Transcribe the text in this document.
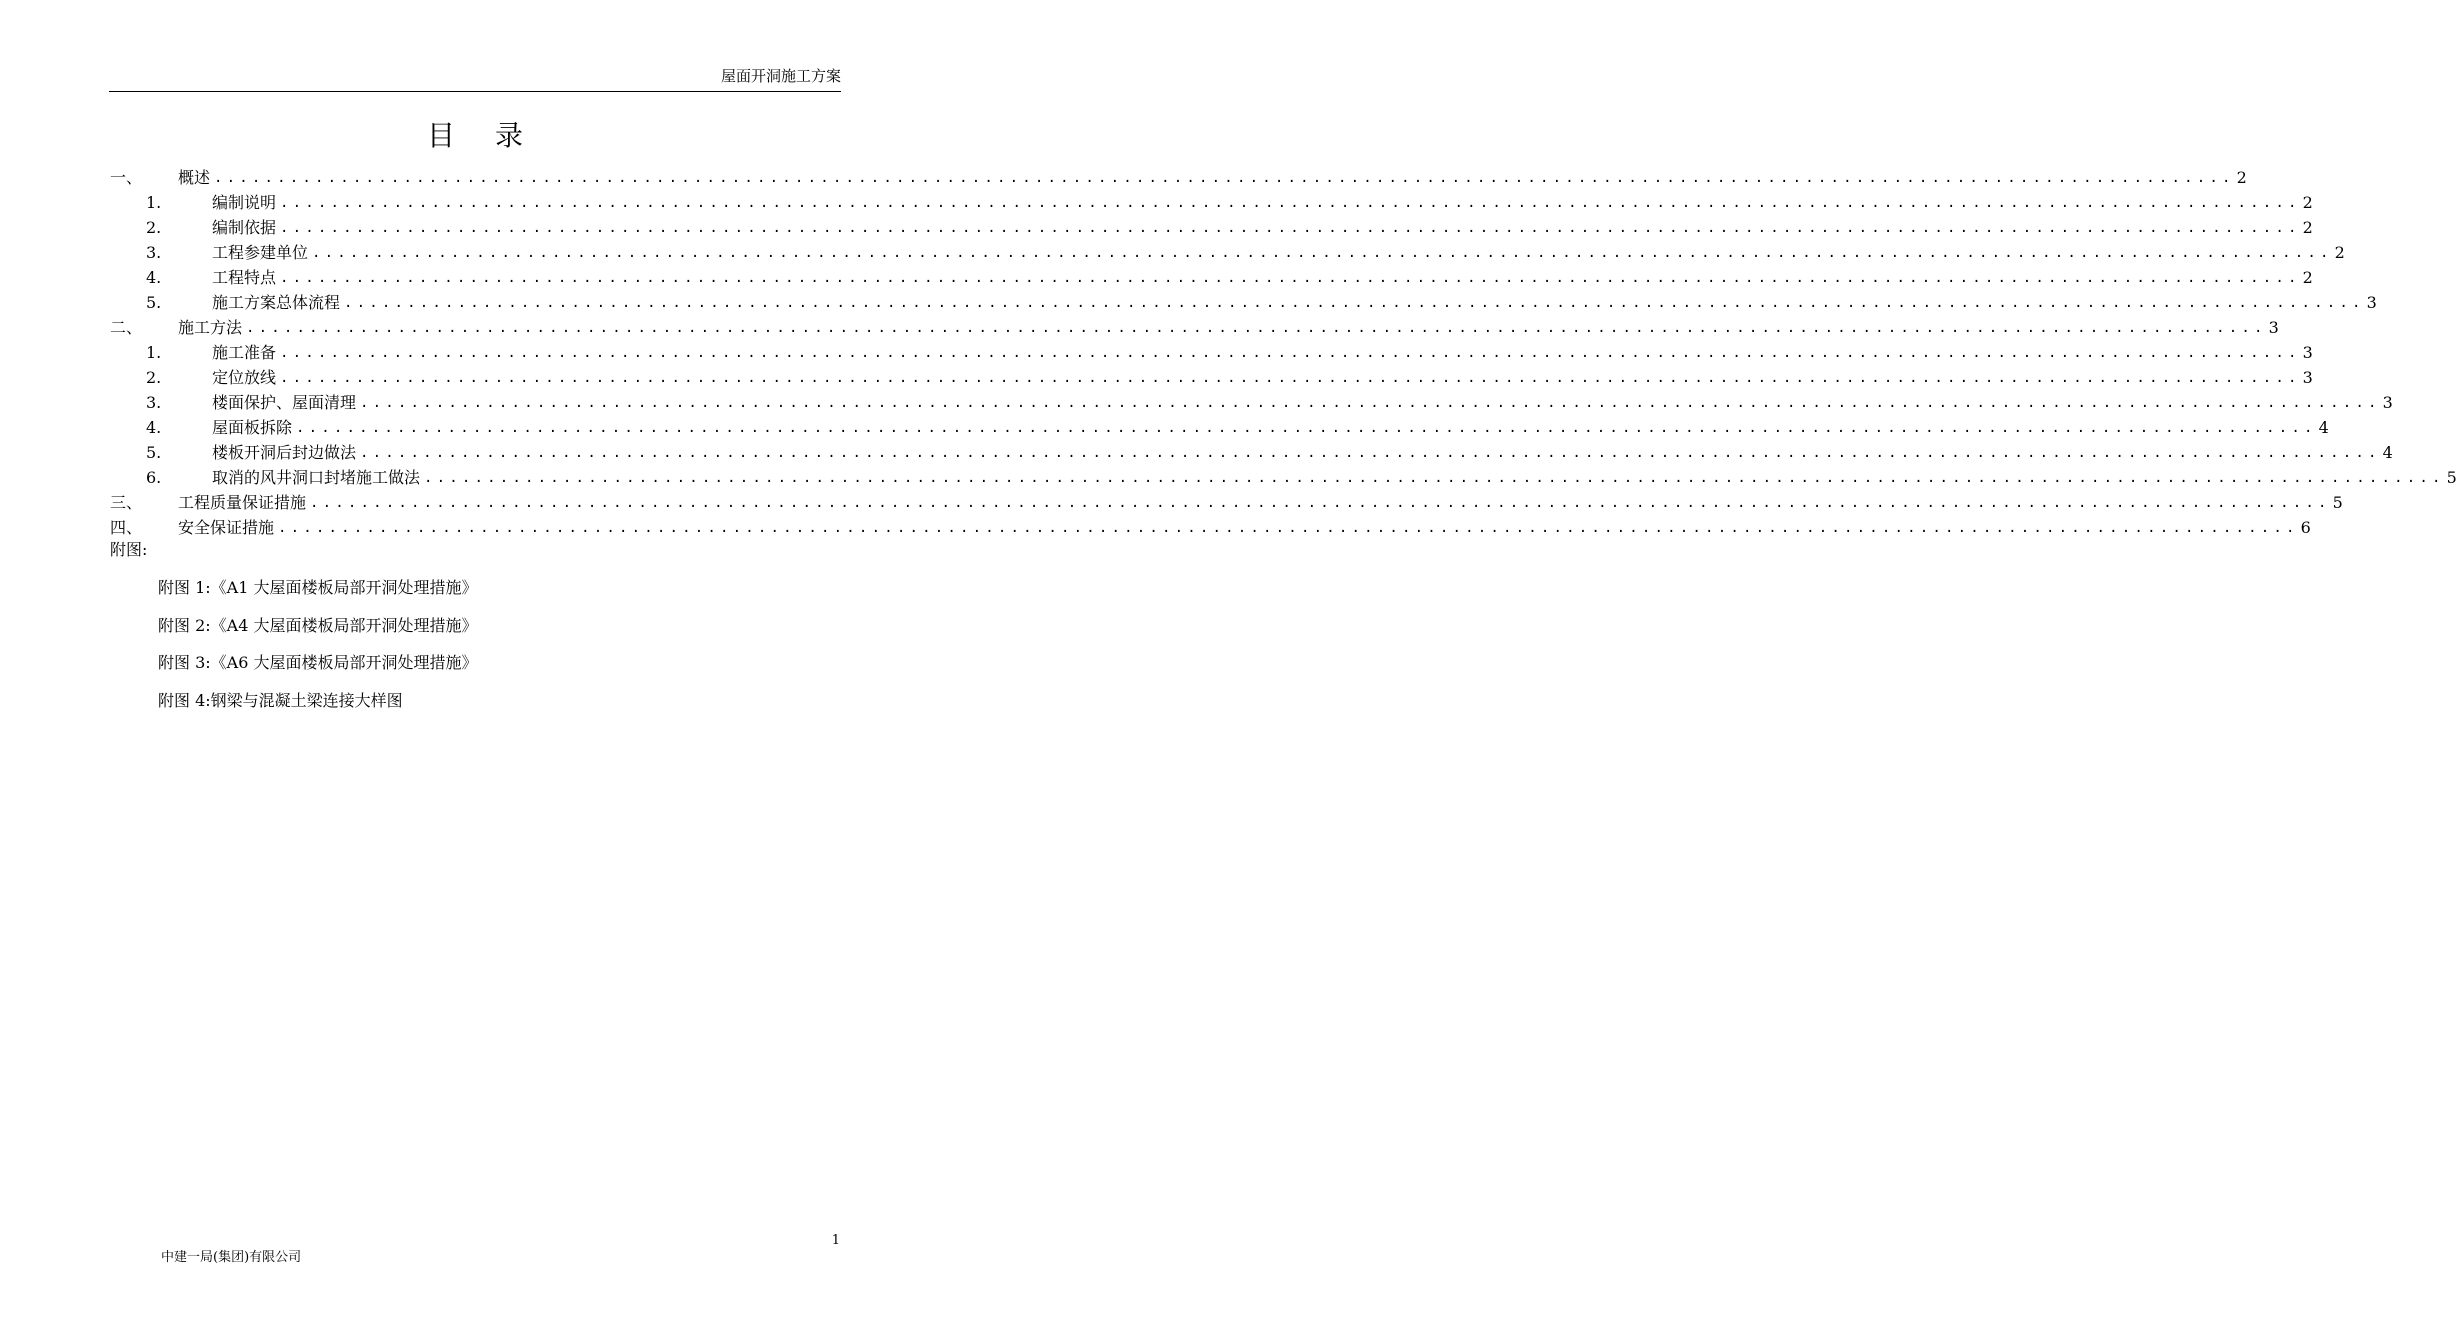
屋面开洞施工方案
目录
一、 概述 ................................................................................................................................................................ 2
1.	编制说明 ................................................................................................................................................................ 2
2.	编制依据 ................................................................................................................................................................ 2
3.	工程参建单位 ................................................................................................................................................................ 2
4.	工程特点 ................................................................................................................................................................ 2
5.	施工方案总体流程 ................................................................................................................................................................ 3
二、 施工方法 ................................................................................................................................................................ 3
1.	施工准备 ................................................................................................................................................................ 3
2.	定位放线 ................................................................................................................................................................ 3
3.	楼面保护、屋面清理 ................................................................................................................................................................ 3
4.	屋面板拆除 ................................................................................................................................................................ 4
5.	楼板开洞后封边做法 ................................................................................................................................................................ 4
6.	取消的风井洞口封堵施工做法 ................................................................................................................................................................ 5
三、 工程质量保证措施 ................................................................................................................................................................ 5
四、 安全保证措施 ................................................................................................................................................................ 6
附图:
附图 1:《A1 大屋面楼板局部开洞处理措施》
附图 2:《A4 大屋面楼板局部开洞处理措施》
附图 3:《A6 大屋面楼板局部开洞处理措施》
附图 4:钢梁与混凝土梁连接大样图
1
中建一局(集团)有限公司
